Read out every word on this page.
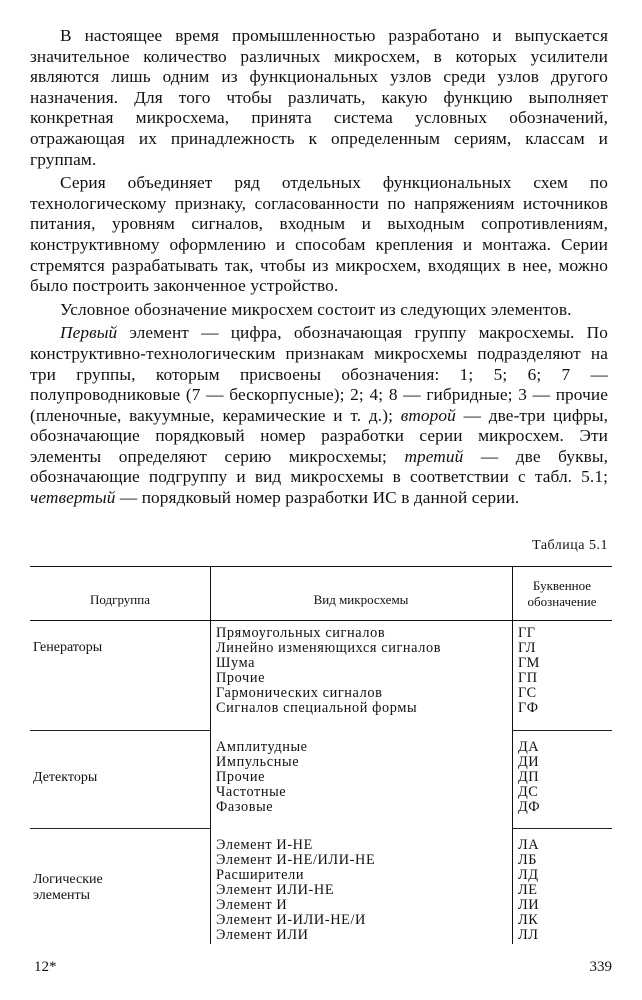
В настоящее время промышленностью разработано и выпускается значительное количество различных микросхем, в которых усилители являются лишь одним из функциональных узлов среди узлов другого назначения. Для того чтобы различать, какую функцию выполняет конкретная микросхема, принята система условных обозначений, отражающая их принадлежность к определенным сериям, классам и группам.

Серия объединяет ряд отдельных функциональных схем по технологическому признаку, согласованности по напряжениям источников питания, уровням сигналов, входным и выходным сопротивлениям, конструктивному оформлению и способам крепления и монтажа. Серии стремятся разрабатывать так, чтобы из микросхем, входящих в нее, можно было построить законченное устройство.

Условное обозначение микросхем состоит из следующих элементов.

Первый элемент — цифра, обозначающая группу макросхемы. По конструктивно-технологическим признакам микросхемы подразделяют на три группы, которым присвоены обозначения: 1; 5; 6; 7 — полупроводниковые (7 — бескорпусные); 2; 4; 8 — гибридные; 3 — прочие (пленочные, вакуумные, керамические и т. д.); второй — две-три цифры, обозначающие порядковый номер разработки серии микросхем. Эти элементы определяют серию микросхемы; третий — две буквы, обозначающие подгруппу и вид микросхемы в соответствии с табл. 5.1; четвертый — порядковый номер разработки ИС в данной серии.

Таблица 5.1
Подгруппа	Вид микросхемы
Буквенное
обозначение
Генераторы
Прямоугольных сигналов	ГГ
Линейно изменяющихся сигналов	ГЛ
Шума	ГМ
Прочие	ГП
Гармонических сигналов	ГС
Сигналов специальной формы	ГФ
Детекторы
Амплитудные	ДА
Импульсные	ДИ
Прочие	ДП
Частотные	ДС
Фазовые	ДФ
Логические
элементы
Элемент И-НЕ	ЛА
Элемент И-НЕ/ИЛИ-НЕ	ЛБ
Расширители	ЛД
Элемент ИЛИ-НЕ	ЛЕ
Элемент И	ЛИ
Элемент И-ИЛИ-НЕ/И	ЛК
Элемент ИЛИ	ЛЛ
12*	339
